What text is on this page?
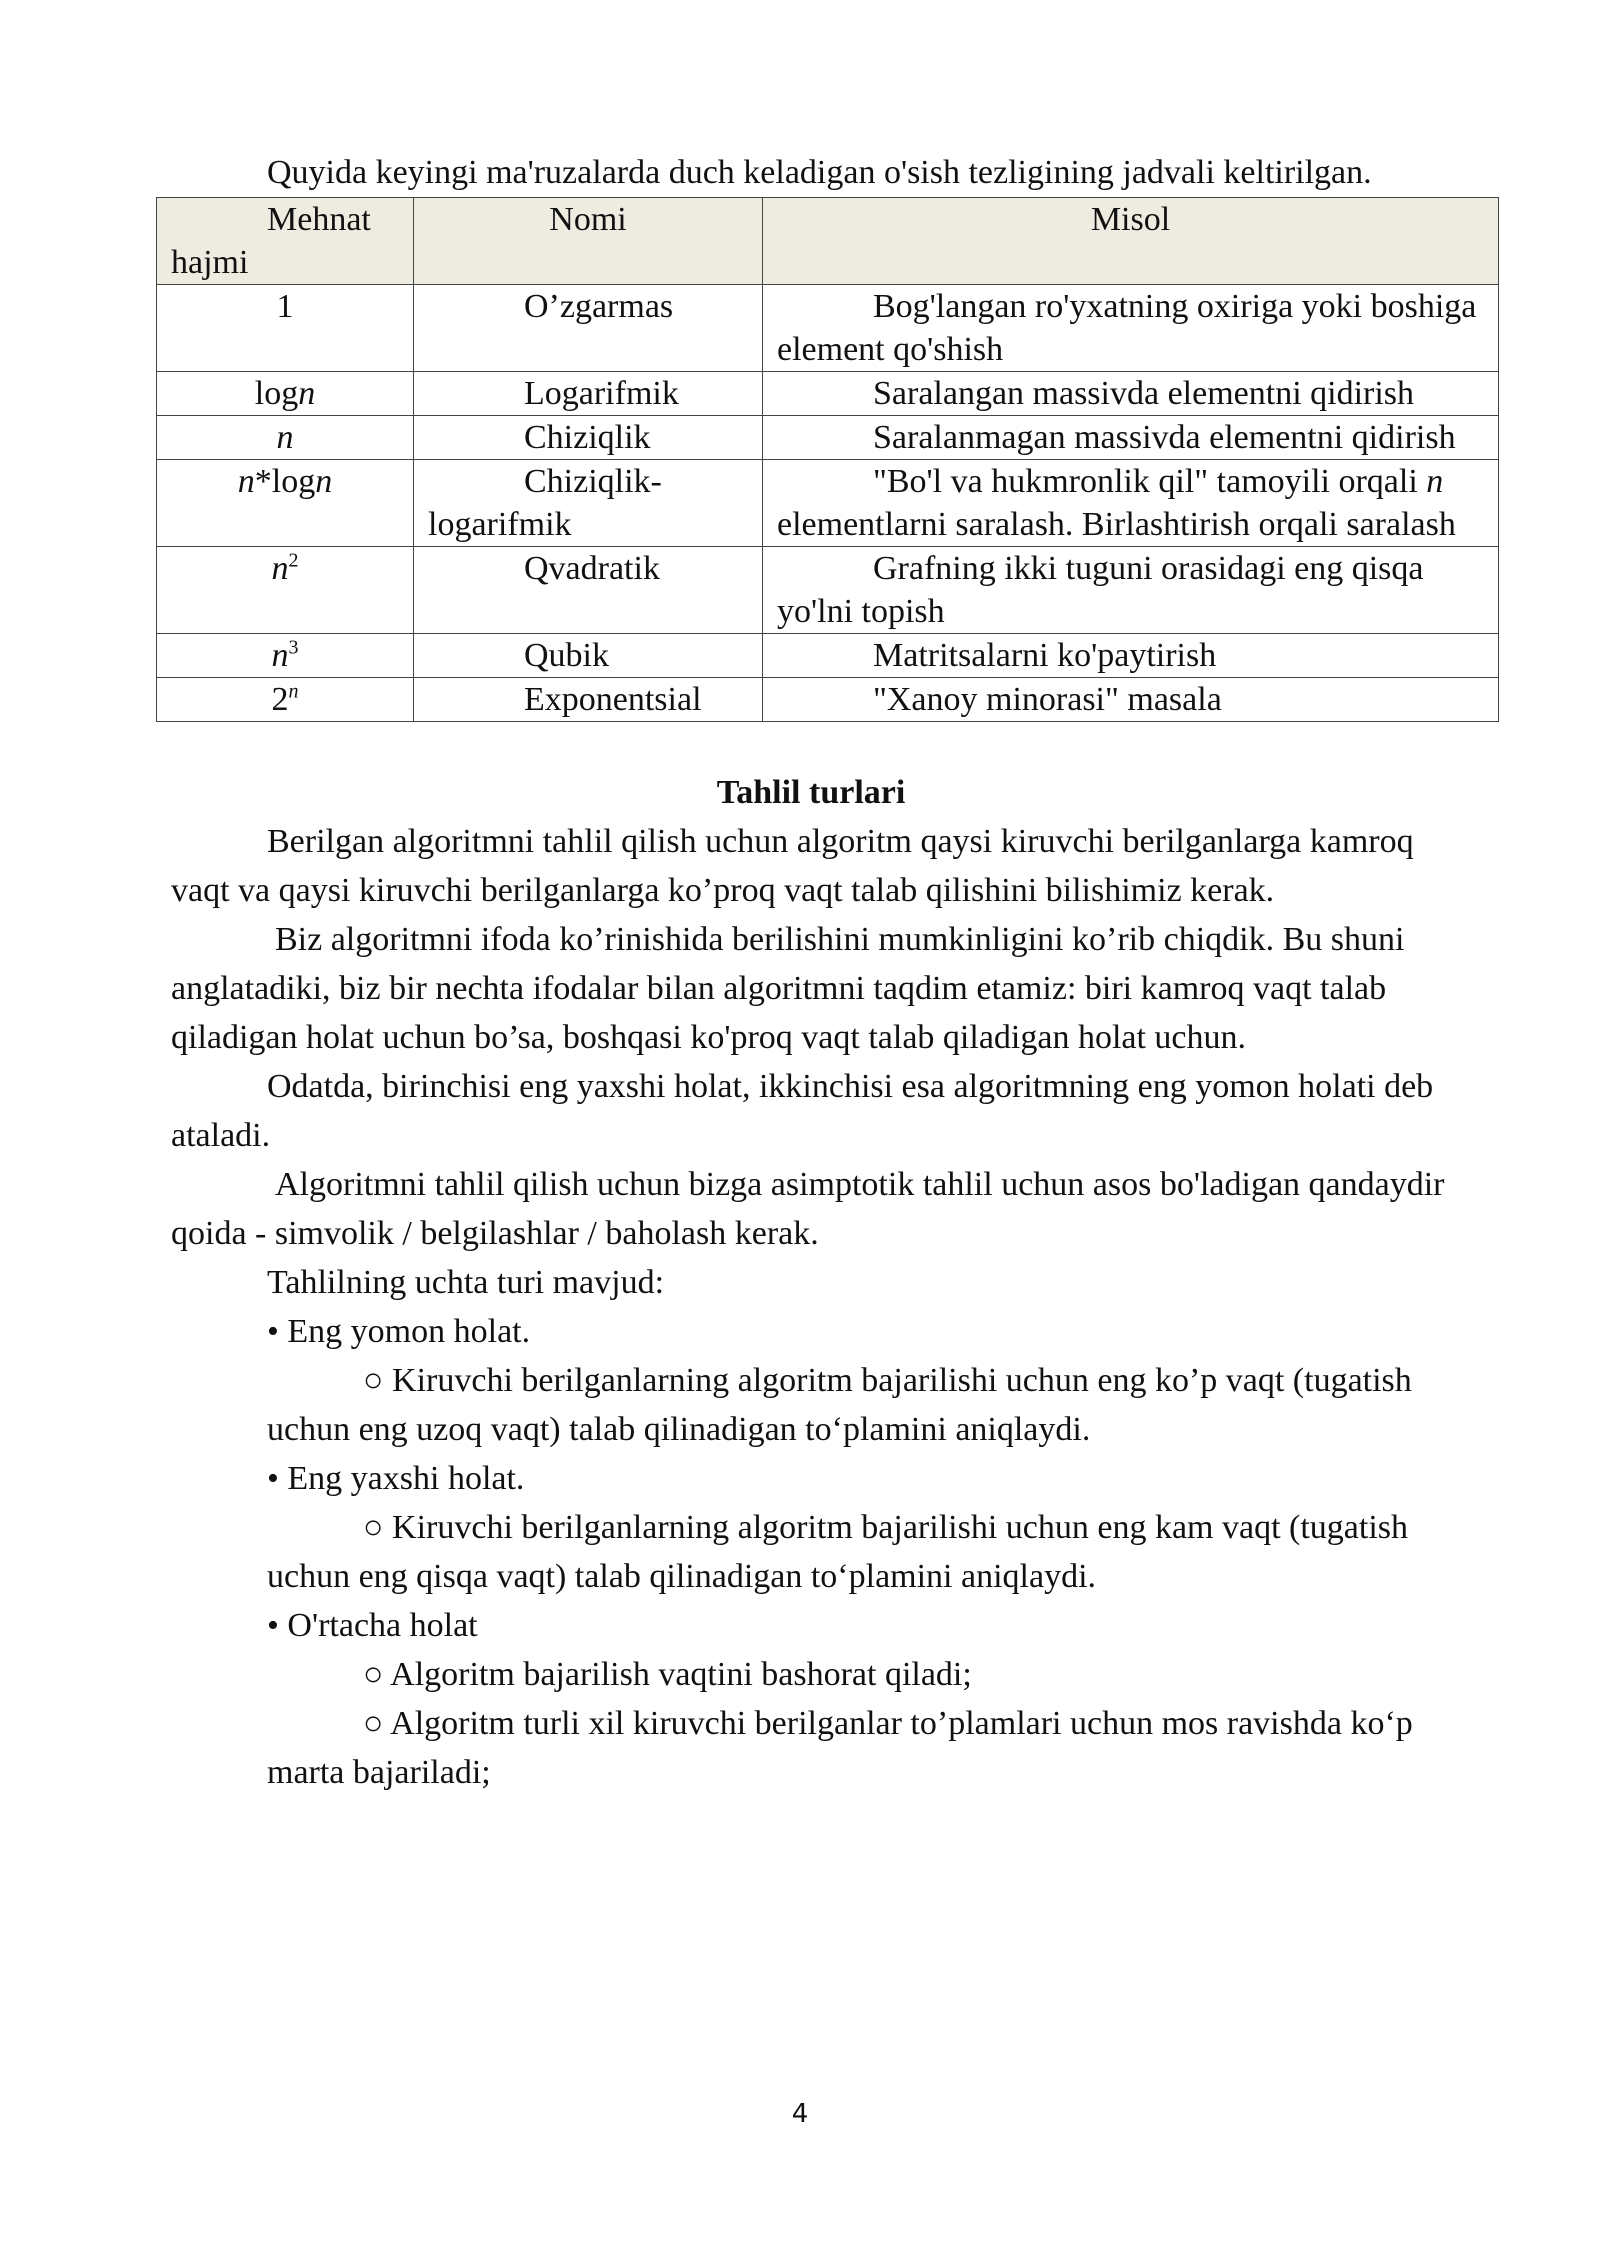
Quyida keyingi ma'ruzalarda duch keladigan o'sish tezligining jadvali keltirilgan.

Mehnat hajmi	Nomi	Misol
1	O’zgarmas	Bog'langan ro'yxatning oxiriga yoki boshiga element qo'shish
logn	Logarifmik	Saralangan massivda elementni qidirish
n	Chiziqlik	Saralanmagan massivda elementni qidirish
n*logn	Chiziqlik-logarifmik	"Bo'l va hukmronlik qil" tamoyili orqali n elementlarni saralash. Birlashtirish orqali saralash
$n^2$	Qvadratik	Grafning ikki tuguni orasidagi eng qisqa yo'lni topish
$n^3$	Qubik	Matritsalarni ko'paytirish
2$^n$	Exponentsial	"Xanoy minorasi" masala

Tahlil turlari

Berilgan algoritmni tahlil qilish uchun algoritm qaysi kiruvchi berilganlarga kamroq vaqt va qaysi kiruvchi berilganlarga ko’proq vaqt talab qilishini bilishimiz kerak.

Biz algoritmni ifoda ko’rinishida berilishini mumkinligini ko’rib chiqdik. Bu shuni anglatadiki, biz bir nechta ifodalar bilan algoritmni taqdim etamiz: biri kamroq vaqt talab qiladigan holat uchun bo’sa, boshqasi ko'proq vaqt talab qiladigan holat uchun.

Odatda, birinchisi eng yaxshi holat, ikkinchisi esa algoritmning eng yomon holati deb ataladi.

Algoritmni tahlil qilish uchun bizga asimptotik tahlil uchun asos bo'ladigan qandaydir qoida - simvolik / belgilashlar / baholash kerak.

Tahlilning uchta turi mavjud:

• Eng yomon holat.

○ Kiruvchi berilganlarning algoritm bajarilishi uchun eng ko’p vaqt (tugatish uchun eng uzoq vaqt) talab qilinadigan to‘plamini aniqlaydi.

• Eng yaxshi holat.

○ Kiruvchi berilganlarning algoritm bajarilishi uchun eng kam vaqt (tugatish uchun eng qisqa vaqt) talab qilinadigan to‘plamini aniqlaydi.

• O'rtacha holat

○ Algoritm bajarilish vaqtini bashorat qiladi;

○ Algoritm turli xil kiruvchi berilganlar to’plamlari uchun mos ravishda ko‘p marta bajariladi;

4
